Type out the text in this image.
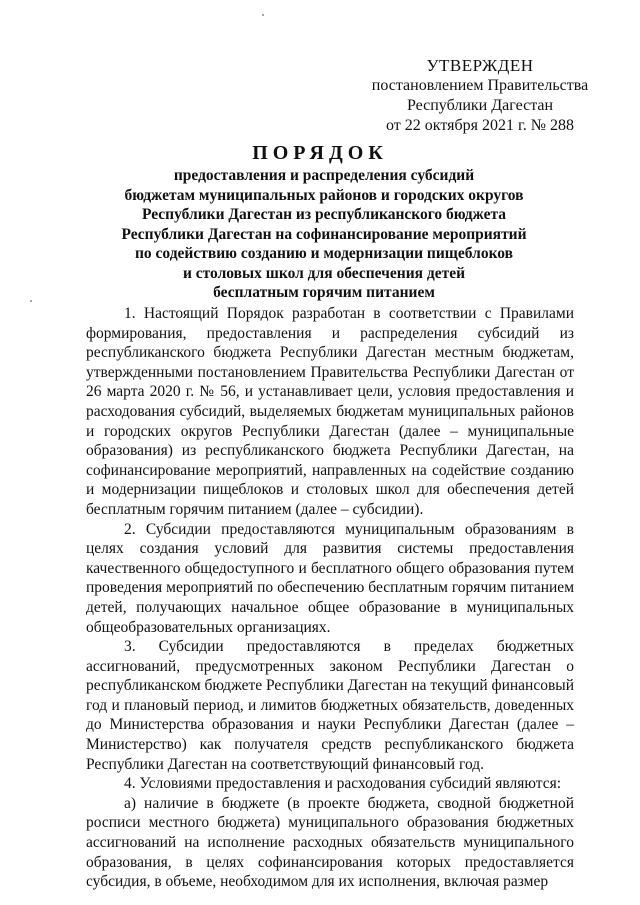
УТВЕРЖДЕН
постановлением Правительства
Республики Дагестан
от 22 октября 2021 г. № 288
ПОРЯДОК
предоставления и распределения субсидий
бюджетам муниципальных районов и городских округов
Республики Дагестан из республиканского бюджета
Республики Дагестан на софинансирование мероприятий
по содействию созданию и модернизации пищеблоков
и столовых школ для обеспечения детей
бесплатным горячим питанием

1. Настоящий Порядок разработан в соответствии с Правилами формирования, предоставления и распределения субсидий из республиканского бюджета Республики Дагестан местным бюджетам, утвержденными постановлением Правительства Республики Дагестан от 26 марта 2020 г. № 56, и устанавливает цели, условия предоставления и расходования субсидий, выделяемых бюджетам муниципальных районов и городских округов Республики Дагестан (далее – муниципальные образования) из республиканского бюджета Республики Дагестан, на софинансирование мероприятий, направленных на содействие созданию и модернизации пищеблоков и столовых школ для обеспечения детей бесплатным горячим питанием (далее – субсидии).

2. Субсидии предоставляются муниципальным образованиям в целях создания условий для развития системы предоставления качественного общедоступного и бесплатного общего образования путем проведения мероприятий по обеспечению бесплатным горячим питанием детей, получающих начальное общее образование в муниципальных общеобразовательных организациях.

3. Субсидии предоставляются в пределах бюджетных ассигнований, предусмотренных законом Республики Дагестан о республиканском бюджете Республики Дагестан на текущий финансовый год и плановый период, и лимитов бюджетных обязательств, доведенных до Министерства образования и науки Республики Дагестан (далее – Министерство) как получателя средств республиканского бюджета Республики Дагестан на соответствующий финансовый год.

4. Условиями предоставления и расходования субсидий являются:

а) наличие в бюджете (в проекте бюджета, сводной бюджетной росписи местного бюджета) муниципального образования бюджетных ассигнований на исполнение расходных обязательств муниципального образования, в целях софинансирования которых предоставляется субсидия, в объеме, необходимом для их исполнения, включая размер
